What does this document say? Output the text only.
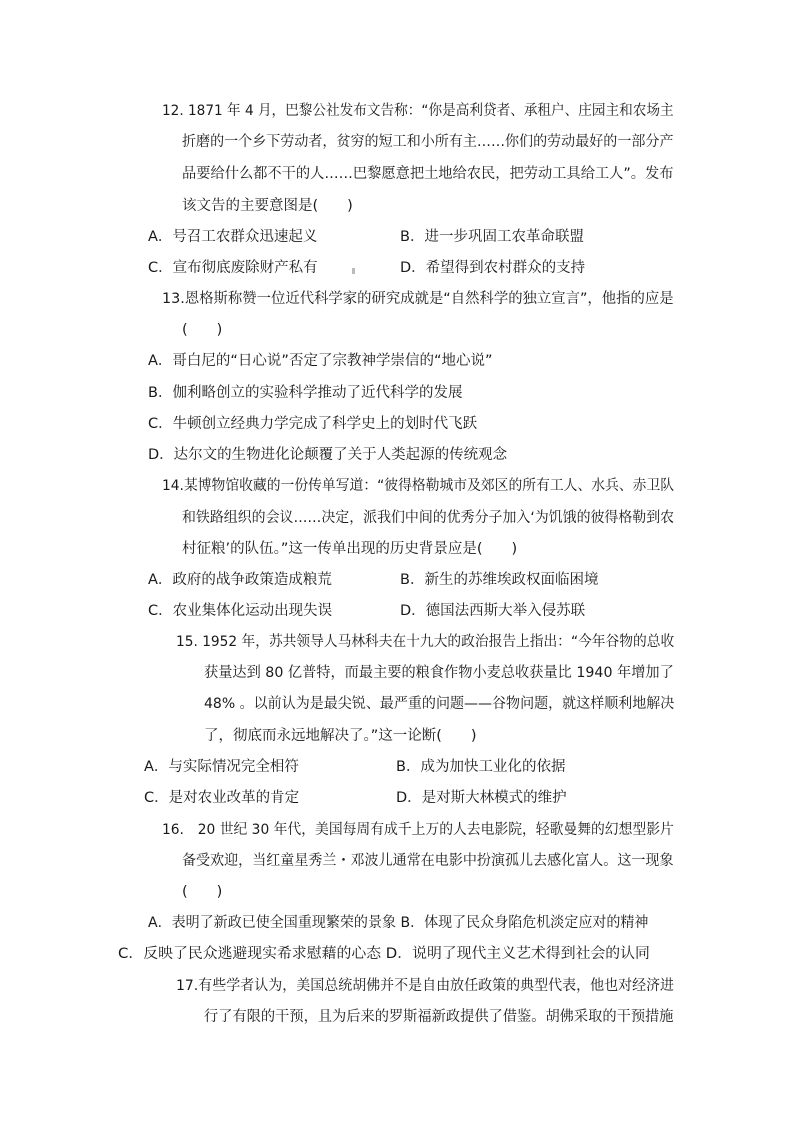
12. 1871 年 4 月，巴黎公社发布文告称：“你是高利贷者、承租户、庄园主和农场主
折磨的一个乡下劳动者，贫穷的短工和小所有主……你们的劳动最好的一部分产
品要给什么都不干的人……巴黎愿意把土地给农民，把劳动工具给工人”。发布
该文告的主要意图是(　　)
A．号召工农群众迅速起义	B．进一步巩固工农革命联盟
C．宣布彻底废除财产私有	D．希望得到农村群众的支持
13.恩格斯称赞一位近代科学家的研究成就是“自然科学的独立宣言”，他指的应是
(　　)
A．哥白尼的“日心说”否定了宗教神学崇信的“地心说”
B．伽利略创立的实验科学推动了近代科学的发展
C．牛顿创立经典力学完成了科学史上的划时代飞跃
D．达尔文的生物进化论颠覆了关于人类起源的传统观念
14.某博物馆收藏的一份传单写道：“彼得格勒城市及郊区的所有工人、水兵、赤卫队
和铁路组织的会议……决定，派我们中间的优秀分子加入‘为饥饿的彼得格勒到农
村征粮’的队伍。”这一传单出现的历史背景应是(　　)
A．政府的战争政策造成粮荒	B．新生的苏维埃政权面临困境
C．农业集体化运动出现失误	D．德国法西斯大举入侵苏联
15. 1952 年，苏共领导人马林科夫在十九大的政治报告上指出：“今年谷物的总收
获量达到 80 亿普特，而最主要的粮食作物小麦总收获量比 1940 年增加了
48% 。以前认为是最尖锐、最严重的问题——谷物问题，就这样顺利地解决
了，彻底而永远地解决了。”这一论断(　　)
A．与实际情况完全相符	B．成为加快工业化的依据
C．是对农业改革的肯定	D．是对斯大林模式的维护
16.　20 世纪 30 年代，美国每周有成千上万的人去电影院，轻歌曼舞的幻想型影片
备受欢迎，当红童星秀兰・邓波儿通常在电影中扮演孤儿去感化富人。这一现象
(　　)
A．表明了新政已使全国重现繁荣的景象 B．体现了民众身陷危机淡定应对的精神
C．反映了民众逃避现实希求慰藉的心态 D．说明了现代主义艺术得到社会的认同
17.有些学者认为，美国总统胡佛并不是自由放任政策的典型代表，他也对经济进
行了有限的干预，且为后来的罗斯福新政提供了借鉴。胡佛采取的干预措施
